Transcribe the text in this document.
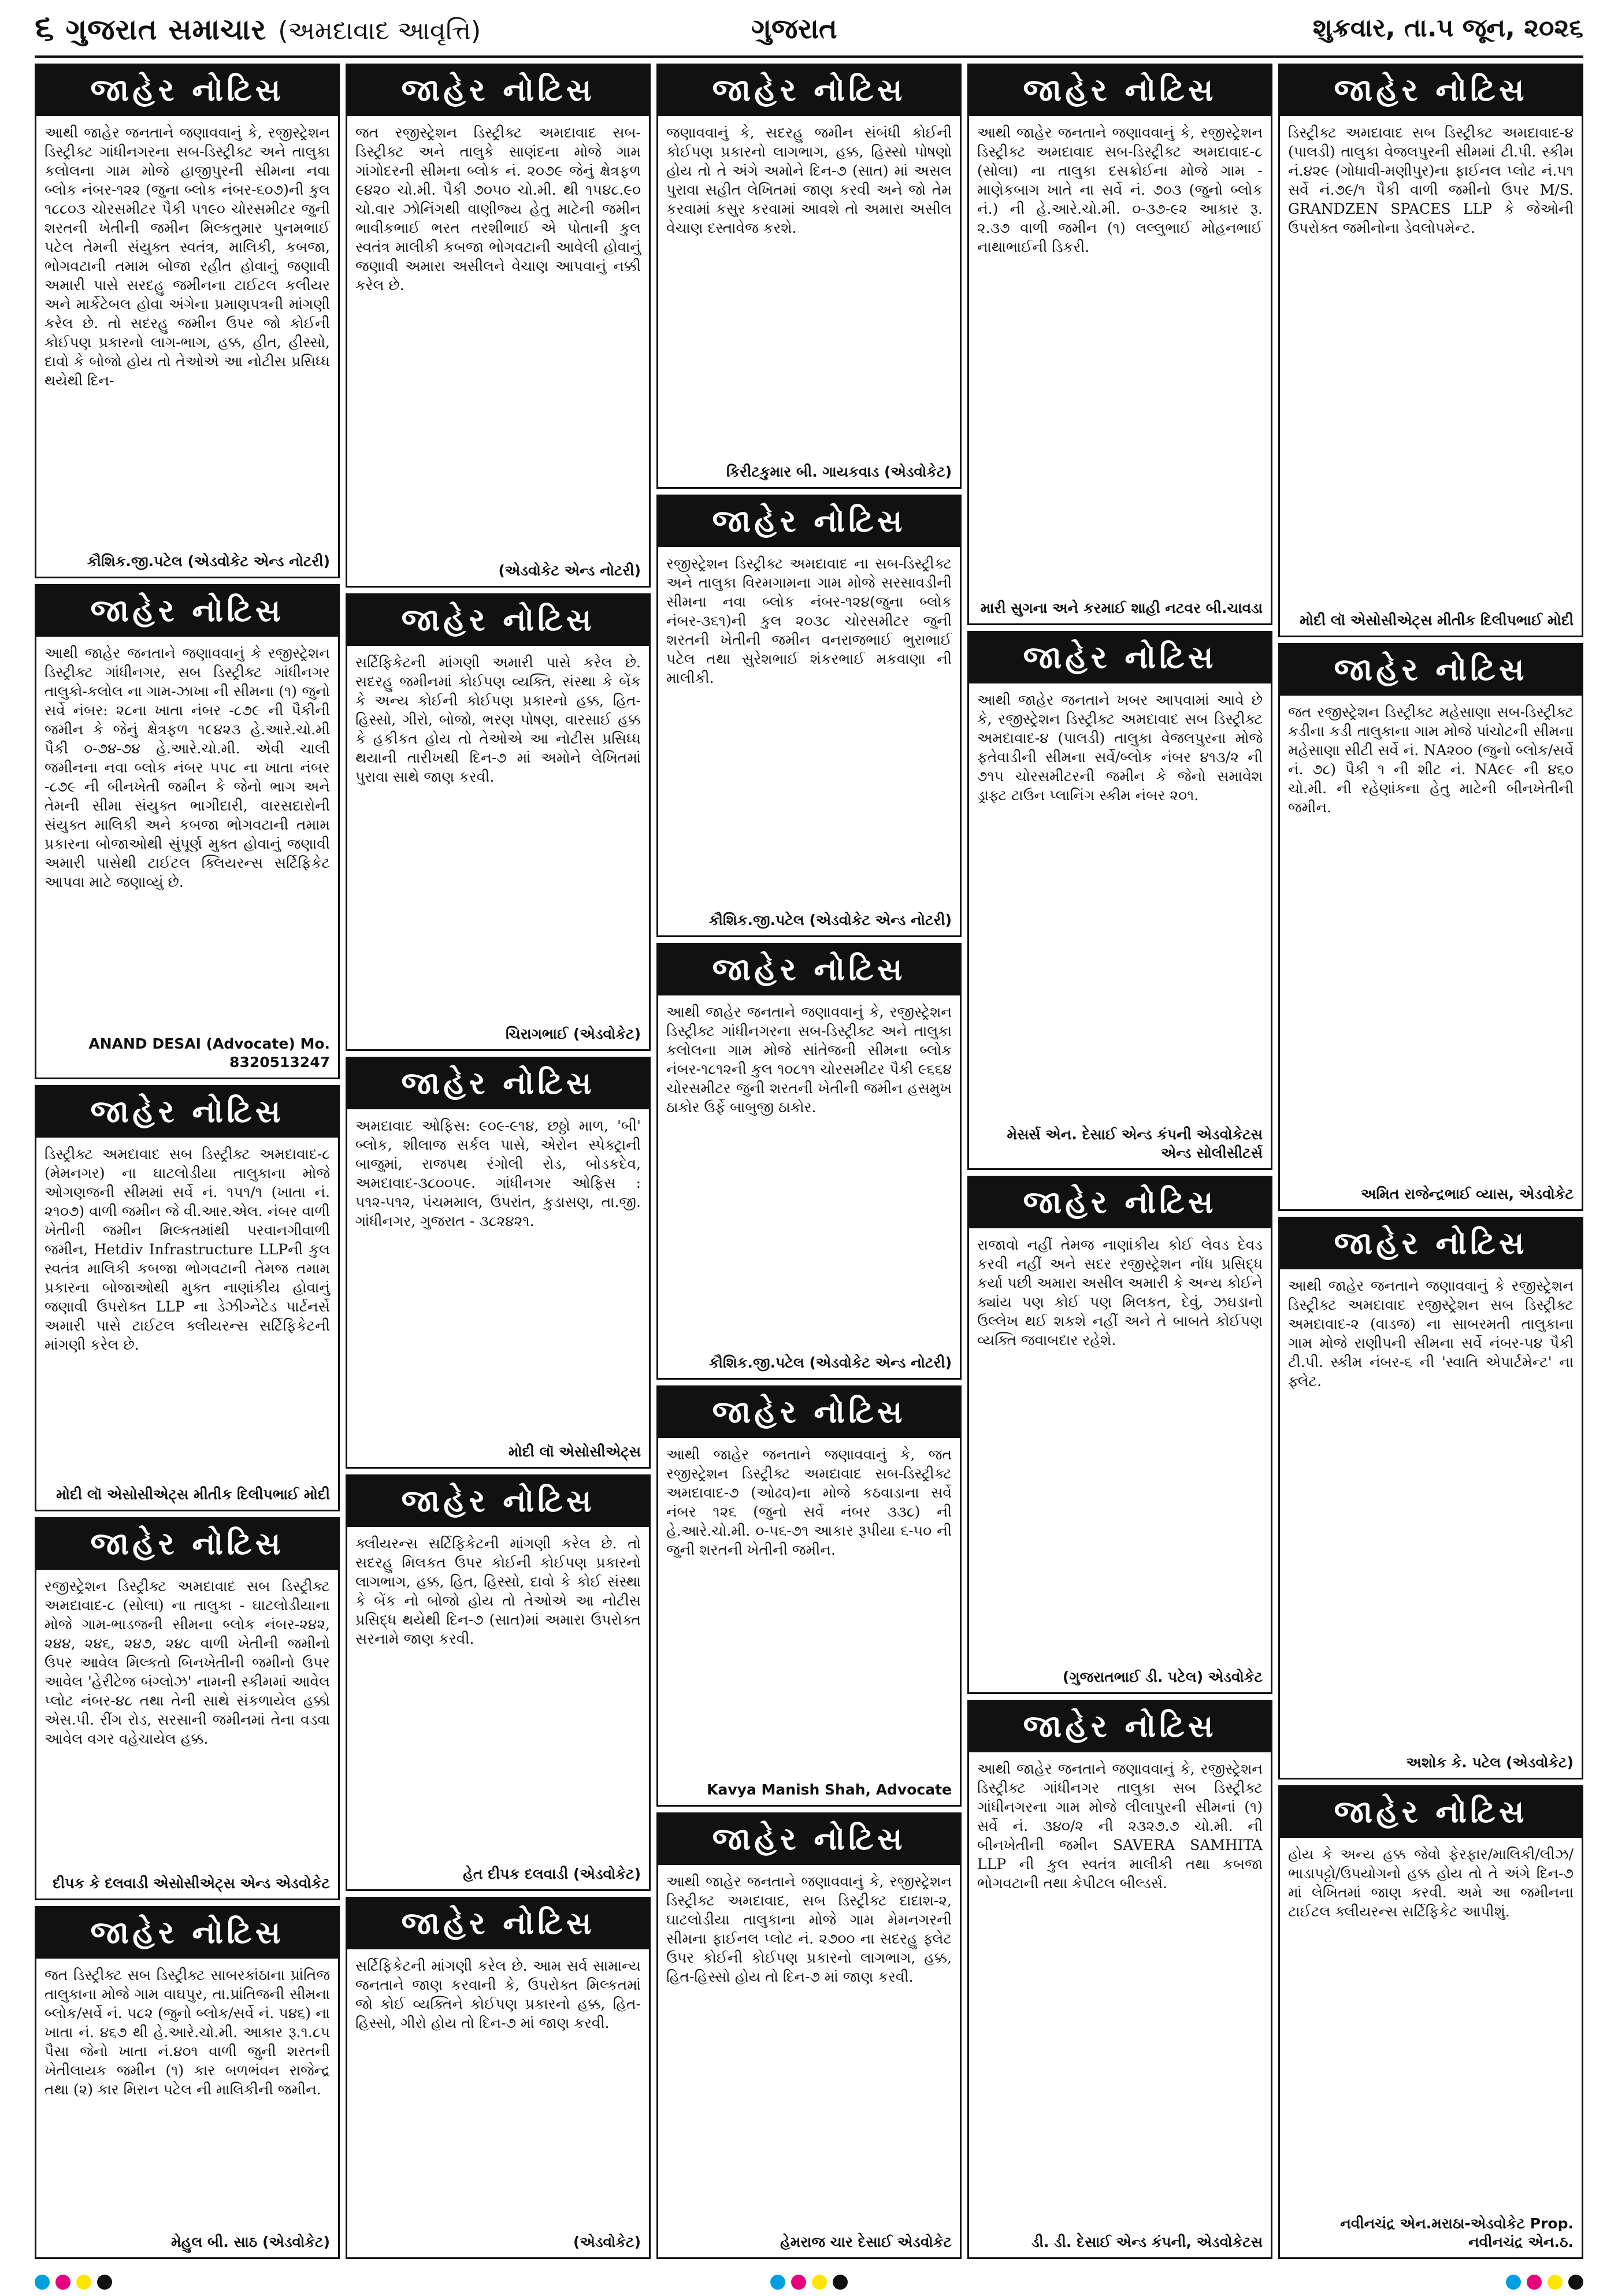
૬ ગુજરાત સમાચાર (અમદાવાદ આવૃત્તિ)	ગુજરાત	શુક્રવાર, તા.૫ જૂન, ૨૦૨૬
જાહેર નોટિસ
આથી જાહેર જનતાને જણાવવાનું કે, રજીસ્ટ્રેશન ડિસ્ટ્રીક્ટ ગાંધીનગરના સબ-ડિસ્ટ્રીક્ટ અને તાલુકા કલોલના ગામ મોજે હાજીપુરની સીમના નવા બ્લોક નંબર-૧૨૨ (જુના બ્લોક નંબર-૬૦૭)ની કુલ ૧૮૮૦૩ ચોરસમીટર પૈકી ૫૧૯૦ ચોરસમીટર જુની શરતની ખેતીની જમીન મિલ્કતુમાર પુનમભાઈ પટેલ તેમની સંયુક્ત સ્વતંત્ર, માલિકી, કબજા, ભોગવટાની તમામ બોજા રહીત હોવાનું જણાવી અમારી પાસે સરદહુ જમીનના ટાઈટલ કલીયર અને માર્કેટેબલ હોવા અંગેના પ્રમાણપત્રની માંગણી કરેલ છે. તો સદરહુ જમીન ઉપર જો કોઈની કોઈપણ પ્રકારનો લાગ-ભાગ, હક્ક, હીત, હીસ્સો, દાવો કે બોજો હોય તો તેઓએ આ નોટીસ પ્રસિધ્ધ થયેથી દિન-
કૌશિક.જી.પટેલ (એડવોકેટ એન્ડ નોટરી)
જાહેર નોટિસ
આથી જાહેર જનતાને જણાવવાનું કે રજીસ્ટ્રેશન ડિસ્ટ્રીક્ટ ગાંધીનગર, સબ ડિસ્ટ્રીક્ટ ગાંધીનગર તાલુકો-કલોલ ના ગામ-ઝાખા ની સીમના (૧) જુનો સર્વે નંબર: ૨૮ના ખાતા નંબર -૮૭૯ ની પૈકીની જમીન કે જેનું ક્ષેત્રફળ ૧૯૪૨૩ હે.આરે.ચો.મી પૈકી ૦-૭૪-૭૪ હે.આરે.ચો.મી. એવી ચાલી જમીનના નવા બ્લોક નંબર ૫૫૮ ના ખાતા નંબર -૮૭૯ ની બીનખેતી જમીન કે જેનો ભાગ અને તેમની સીમા સંયુક્ત ભાગીદારી, વારસદારોની સંયુક્ત માલિકી અને કબજા ભોગવટાની તમામ પ્રકારના બોજાઓથી સુંપૂર્ણ મુક્ત હોવાનું જણાવી અમારી પાસેથી ટાઈટલ ક્લિયરન્સ સર્ટિફિકેટ આપવા માટે જણાવ્યું છે.
ANAND DESAI (Advocate) Mo. 8320513247
જાહેર નોટિસ
ડિસ્ટ્રીક્ટ અમદાવાદ સબ ડિસ્ટ્રીક્ટ અમદાવાદ-૮ (મેમનગર) ના ઘાટલોડીયા તાલુકાના મોજે ઓગણજની સીમમાં સર્વે નં. ૧૫૧/૧ (ખાતા નં. ૨૧૦૭) વાળી જમીન જે વી.આર.એલ. નંબર વાળી ખેતીની જમીન મિલ્કતમાંથી પરવાનગીવાળી જમીન, Hetdiv Infrastructure LLPની કુલ સ્વતંત્ર માલિકી કબજા ભોગવટાની તેમજ તમામ પ્રકારના બોજાઓથી મુક્ત નાણાંકીય હોવાનું જણાવી ઉપરોક્ત LLP ના ડેઝીગ્નેટેડ પાર્ટનર્સે અમારી પાસે ટાઈટલ ક્લીયરન્સ સર્ટિફિકેટની માંગણી કરેલ છે.
મોદી લૉ એસોસીએટ્સ મીતીક દિલીપભાઈ મોદી
જાહેર નોટિસ
રજીસ્ટ્રેશન ડિસ્ટ્રીક્ટ અમદાવાદ સબ ડિસ્ટ્રીક્ટ અમદાવાદ-૮ (સોલા) ના તાલુકા - ઘાટલોડીયાના મોજે ગામ-ભાડજની સીમના બ્લોક નંબર-૨૪૨, ૨૪૪, ૨૪૬, ૨૪૭, ૨૪૮ વાળી ખેતીની જમીનો ઉપર આવેલ મિલ્કતો બિનખેતીની જમીનો ઉપર આવેલ 'હેરીટેજ બંગ્લોઝ' નામની સ્કીમમાં આવેલ પ્લોટ નંબર-૪૮ તથા તેની સાથે સંકળાયેલ હક્કો એસ.પી. રીંગ રોડ, સરસાની જમીનમાં તેના વડવા આવેલ વગર વહેચાયેલ હક્ક.
દીપક કે દલવાડી એસોસીએટ્સ એન્ડ એડવોકેટ
જાહેર નોટિસ
જત ડિસ્ટ્રીક્ટ સબ ડિસ્ટ્રીક્ટ સાબરકાંઠાના પ્રાંતિજ તાલુકાના મોજે ગામ વાઘપુર, તા.પ્રાંતિજની સીમના બ્લોક/સર્વે નં. ૫૮૨ (જુનો બ્લોક/સર્વે નં. ૫૪૬) ના ખાતા નં. ૪૬૭ થી હે.આરે.ચો.મી. આકાર રૂ.૧.૮૫ પૈસા જેનો ખાતા નં.૪૦૧ વાળી જુની શરતની ખેતીલાયક જમીન (૧) કાર બળભંવન રાજેન્દ્ર તથા (૨) કાર મિરાન પટેલ ની માલિકીની જમીન.
મેહુલ બી. સાઠ (એડવોકેટ)
જાહેર નોટિસ
જત રજીસ્ટ્રેશન ડિસ્ટ્રીક્ટ અમદાવાદ સબ-ડિસ્ટ્રીક્ટ અને તાલુકે સાણંદના મોજે ગામ ગાંગોદરની સીમના બ્લોક નં. ૨૦૭૯ જેનું ક્ષેત્રફળ ૯૪૨૦ ચો.મી. પૈકી ૭૦૫૦ ચો.મી. થી ૧૫૪૮.૯૦ ચો.વાર ઝોનિંગથી વાણીજ્ય હેતુ માટેની જમીન ભાવીકભાઈ ભરત તરશીભાઈ એ પોતાની કુલ સ્વતંત્ર માલીકી કબજા ભોગવટાની આવેલી હોવાનું જણાવી અમારા અસીલને વેચાણ આપવાનું નક્કી કરેલ છે.
(એડવોકેટ એન્ડ નોટરી)
જાહેર નોટિસ
સર્ટિફિકેટની માંગણી અમારી પાસે કરેલ છે. સદરહુ જમીનમાં કોઈપણ વ્યક્તિ, સંસ્થા કે બેંક કે અન્ય કોઈની કોઈપણ પ્રકારનો હક્ક, હિત-હિસ્સો, ગીરો, બોજો, ભરણ પોષણ, વારસાઈ હક્ક કે હકીકત હોય તો તેઓએ આ નોટીસ પ્રસિધ્ધ થયાની તારીખથી દિન-૭ માં અમોને લેખિતમાં પુરાવા સાથે જાણ કરવી.
ચિરાગભાઈ (એડવોકેટ)
જાહેર નોટિસ
અમદાવાદ ઓફિસ: ૯૦૯-૯૧૪, છઠ્ઠો માળ, 'બી' બ્લોક, શીલાજ સર્કલ પાસે, એરોન સ્પેક્ટ્રાની બાજુમાં, રાજપથ રંગોલી રોડ, બોડકદેવ, અમદાવાદ-૩૮૦૦૫૯. ગાંધીનગર ઓફિસ : ૫૧૨-૫૧૨, પંચમમાલ, ઉપરાંત, કુડાસણ, તા.જી. ગાંધીનગર, ગુજરાત - ૩૮૨૪૨૧.
મોદી લૉ એસોસીએટ્સ
જાહેર નોટિસ
ક્લીયરન્સ સર્ટિફિકેટની માંગણી કરેલ છે. તો સદરહુ મિલકત ઉપર કોઈની કોઈપણ પ્રકારનો લાગભાગ, હક્ક, હિત, હિસ્સો, દાવો કે કોઈ સંસ્થા કે બેંક નો બોજો હોય તો તેઓએ આ નોટીસ પ્રસિદ્ધ થયેથી દિન-૭ (સાત)માં અમારા ઉપરોક્ત સરનામે જાણ કરવી.
હેત દીપક દલવાડી (એડવોકેટ)
જાહેર નોટિસ
સર્ટિફિકેટની માંગણી કરેલ છે. આમ સર્વ સામાન્ય જનતાને જાણ કરવાની કે, ઉપરોક્ત મિલ્કતમાં જો કોઈ વ્યક્તિને કોઈપણ પ્રકારનો હક્ક, હિત-હિસ્સો, ગીરો હોય તો દિન-૭ માં જાણ કરવી.
(એડવોકેટ)
જાહેર નોટિસ
જણાવવાનું કે, સદરહુ જમીન સંબંધી કોઈની કોઈપણ પ્રકારનો લાગભાગ, હક્ક, હિસ્સો પોષણો હોય તો તે અંગે અમોને દિન-૭ (સાત) માં અસલ પુરાવા સહીત લેખિતમાં જાણ કરવી અને જો તેમ કરવામાં કસુર કરવામાં આવશે તો અમારા અસીલ વેચાણ દસ્તાવેજ કરશે.
કિરીટકુમાર બી. ગાયકવાડ (એડવોકેટ)
જાહેર નોટિસ
રજીસ્ટ્રેશન ડિસ્ટ્રીક્ટ અમદાવાદ ના સબ-ડિસ્ટ્રીક્ટ અને તાલુકા વિરમગામના ગામ મોજે સરસાવડીની સીમના નવા બ્લોક નંબર-૧૨૪(જુના બ્લોક નંબર-૩૬૧)ની કુલ ૨૦૩૮ ચોરસમીટર જુની શરતની ખેતીની જમીન વનરાજભાઈ ભુરાભાઈ પટેલ તથા સુરેશભાઈ શંકરભાઈ મકવાણા ની માલીકી.
કૌશિક.જી.પટેલ (એડવોકેટ એન્ડ નોટરી)
જાહેર નોટિસ
આથી જાહેર જનતાને જણાવવાનું કે, રજીસ્ટ્રેશન ડિસ્ટ્રીક્ટ ગાંધીનગરના સબ-ડિસ્ટ્રીક્ટ અને તાલુકા કલોલના ગામ મોજે સાંતેજની સીમના બ્લોક નંબર-૧૮૧૨ની કુલ ૧૦૮૧૧ ચોરસમીટર પૈકી ૯૬૬૪ ચોરસમીટર જુની શરતની ખેતીની જમીન હસમુખ ઠાકોર ઉર્ફે બાબુજી ઠાકોર.
કૌશિક.જી.પટેલ (એડવોકેટ એન્ડ નોટરી)
જાહેર નોટિસ
આથી જાહેર જનતાને જણાવવાનું કે, જત રજીસ્ટ્રેશન ડિસ્ટ્રીક્ટ અમદાવાદ સબ-ડિસ્ટ્રીક્ટ અમદાવાદ-૭ (ઓઢવ)ના મોજે કઠવાડાના સર્વે નંબર ૧૨૬ (જુનો સર્વે નંબર ૩૩૮) ની હે.આરે.ચો.મી. ૦-૫૬-૭૧ આકાર રૂપીયા ૬-૫૦ ની જુની શરતની ખેતીની જમીન.
Kavya Manish Shah, Advocate
જાહેર નોટિસ
આથી જાહેર જનતાને જણાવવાનું કે, રજીસ્ટ્રેશન ડિસ્ટ્રીક્ટ અમદાવાદ, સબ ડિસ્ટ્રીક્ટ દાદાશ-૨, ઘાટલોડીયા તાલુકાના મોજે ગામ મેમનગરની સીમના ફાઈનલ પ્લોટ નં. ૨૭૦૦ ના સદરહુ ફ્લેટ ઉપર કોઈની કોઈપણ પ્રકારનો લાગભાગ, હક્ક, હિત-હિસ્સો હોય તો દિન-૭ માં જાણ કરવી.
હેમરાજ ચાર દેસાઈ એડવોકેટ
જાહેર નોટિસ
આથી જાહેર જનતાને જણાવવાનું કે, રજીસ્ટ્રેશન ડિસ્ટ્રીક્ટ અમદાવાદ સબ-ડિસ્ટ્રીક્ટ અમદાવાદ-૮ (સોલા) ના તાલુકા દસક્રોઈના મોજે ગામ - માણેકબાગ ખાતે ના સર્વે નં. ૭૦૩ (જુનો બ્લોક નં.) ની હે.આરે.ચો.મી. ૦-૩૭-૯૨ આકાર રૂ. ૨.૩૭ વાળી જમીન (૧) લલ્લુભાઈ મોહનભાઈ નાથાભાઈની ડિકરી.
મારી સુગના અને કરમાઈ શાહી નટવર બી.ચાવડા
જાહેર નોટિસ
આથી જાહેર જનતાને ખબર આપવામાં આવે છે કે, રજીસ્ટ્રેશન ડિસ્ટ્રીક્ટ અમદાવાદ સબ ડિસ્ટ્રીક્ટ અમદાવાદ-૪ (પાલડી) તાલુકા વેજલપુરના મોજે ફતેવાડીની સીમના સર્વે/બ્લોક નંબર ૪૧૩/૨ ની ૭૧૫ ચોરસમીટરની જમીન કે જેનો સમાવેશ ડ્રાફ્ટ ટાઉન પ્લાનિંગ સ્કીમ નંબર ૨૦૧.
મેસર્સ એન. દેસાઈ એન્ડ કંપની એડવોકેટસ એન્ડ સોલીસીટર્સ
જાહેર નોટિસ
રાજાવો નહીં તેમજ નાણાંકીય કોઈ લેવડ દેવડ કરવી નહીં અને સદર રજીસ્ટ્રેશન નોંધ પ્રસિદ્ધ કર્યા પછી અમારા અસીલ અમારી કે અન્ય કોઈને ક્યાંય પણ કોઈ પણ મિલકત, દેવું, ઝઘડાનો ઉલ્લેખ થઈ શકશે નહીં અને તે બાબતે કોઈપણ વ્યક્તિ જવાબદાર રહેશે.
(ગુજરાતભાઈ ડી. પટેલ) એડવોકેટ
જાહેર નોટિસ
આથી જાહેર જનતાને જણાવવાનું કે, રજીસ્ટ્રેશન ડિસ્ટ્રીક્ટ ગાંધીનગર તાલુકા સબ ડિસ્ટ્રીક્ટ ગાંધીનગરના ગામ મોજે લીલાપુરની સીમનાં (૧) સર્વે નં. ૩૪૦/૨ ની ૨૩૨૭.૭ ચો.મી. ની બીનખેતીની જમીન SAVERA SAMHITA LLP ની કુલ સ્વતંત્ર માલીકી તથા કબજા ભોગવટાની તથા કેપીટલ બીલ્ડર્સ.
ડી. ડી. દેસાઈ એન્ડ કંપની, એડવોકેટસ
જાહેર નોટિસ
ડિસ્ટ્રીક્ટ અમદાવાદ સબ ડિસ્ટ્રીક્ટ અમદાવાદ-૪ (પાલડી) તાલુકા વેજલપુરની સીમમાં ટી.પી. સ્કીમ નં.૪૨૯ (ગોધાવી-મણીપુર)ના ફાઈનલ પ્લોટ નં.૫૧ સર્વે નં.૭૯/૧ પૈકી વાળી જમીનો ઉપર M/S. GRANDZEN SPACES LLP કે જેઓની ઉપરોક્ત જમીનોના ડેવલોપમેન્ટ.
મોદી લૉ એસોસીએટ્સ મીતીક દિલીપભાઈ મોદી
જાહેર નોટિસ
જત રજીસ્ટ્રેશન ડિસ્ટ્રીક્ટ મહેસાણા સબ-ડિસ્ટ્રીક્ટ કડીના કડી તાલુકાના ગામ મોજે પાંચોટની સીમના મહેસાણા સીટી સર્વે નં. NA૨૦૦ (જુનો બ્લોક/સર્વે નં. ૭૮) પૈકી ૧ ની શીટ નં. NA૯૯ ની ૪૬૦ ચો.મી. ની રહેણાંકના હેતુ માટેની બીનખેતીની જમીન.
અમિત રાજેન્દ્રભાઈ વ્યાસ, એડવોકેટ
જાહેર નોટિસ
આથી જાહેર જનતાને જણાવવાનું કે રજીસ્ટ્રેશન ડિસ્ટ્રીક્ટ અમદાવાદ રજીસ્ટ્રેશન સબ ડિસ્ટ્રીક્ટ અમદાવાદ-૨ (વાડજ) ના સાબરમતી તાલુકાના ગામ મોજે રાણીપની સીમના સર્વે નંબર-૫૪ પૈકી ટી.પી. સ્કીમ નંબર-૬ ની 'સ્વાતિ એપાર્ટમેન્ટ' ના ફ્લેટ.
અશોક કે. પટેલ (એડવોકેટ)
જાહેર નોટિસ
હોય કે અન્ય હક્ક જેવો ફેરફાર/માલિકી/લીઝ/ભાડાપટ્ટો/ઉપયોગનો હક્ક હોય તો તે અંગે દિન-૭ માં લેખિતમાં જાણ કરવી. અમે આ જમીનના ટાઈટલ ક્લીયરન્સ સર્ટિફિકેટ આપીશું.
નવીનચંદ્ર એન.મરાઠા-એડવોકેટ Prop. નવીનચંદ્ર એન.ઠ.
